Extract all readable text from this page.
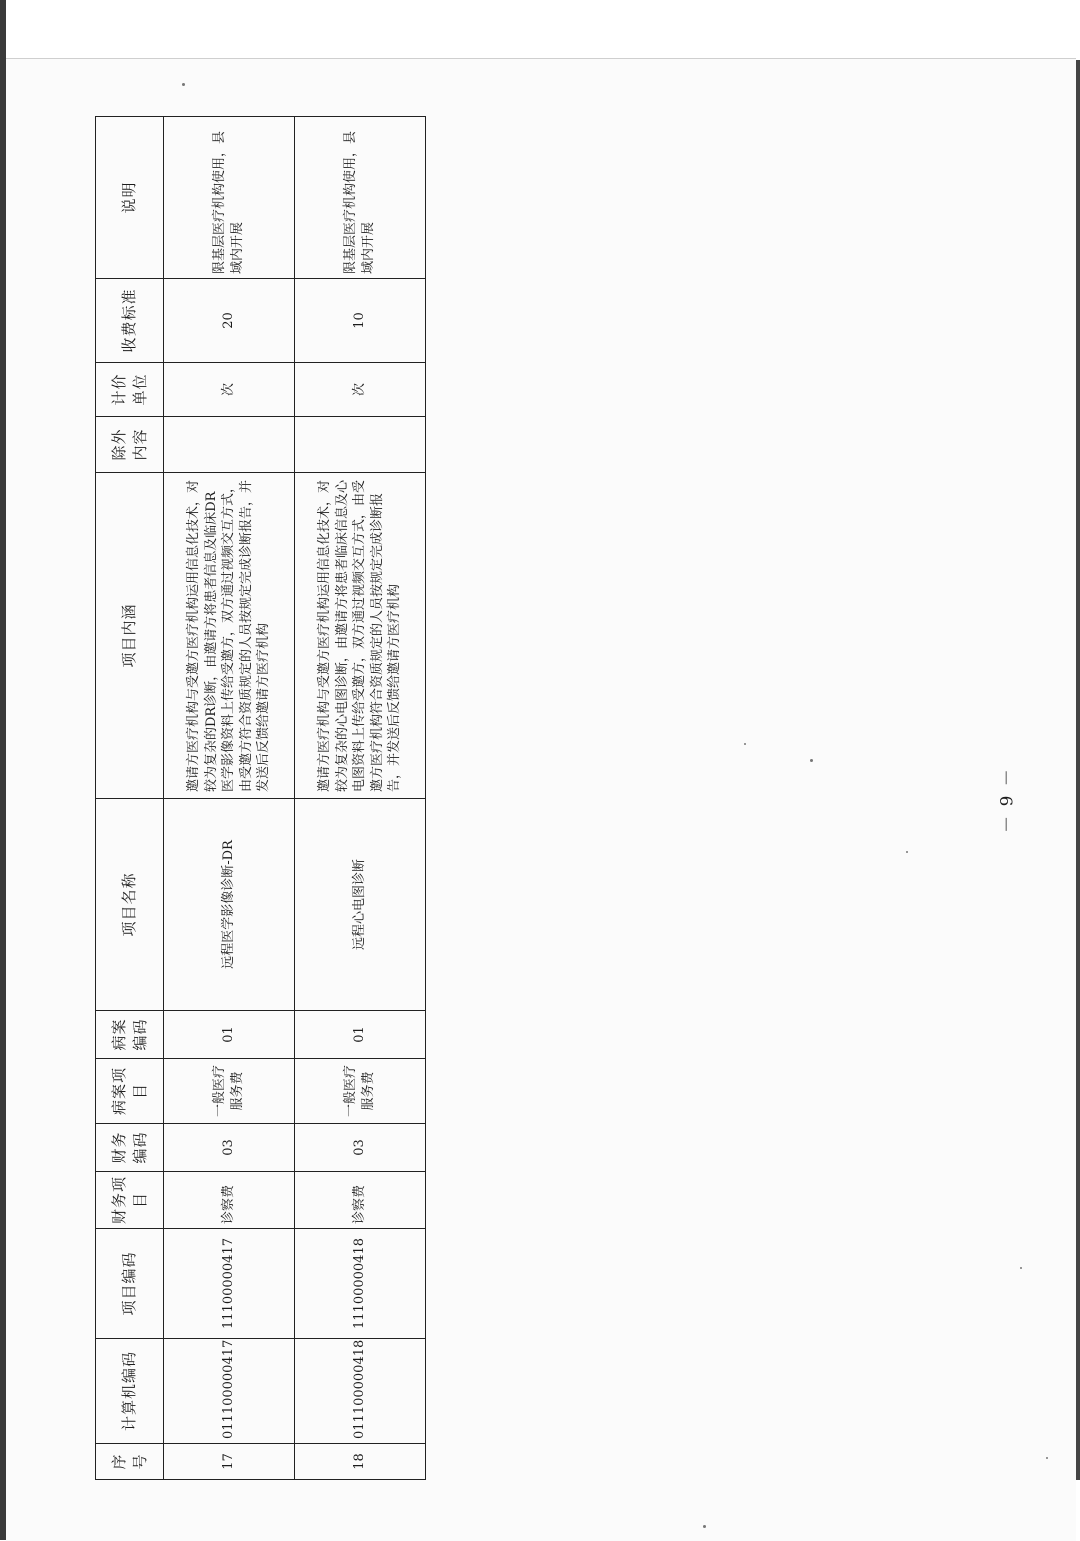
序号	计算机编码	项目编码	财务项目	财务编码	病案项目	病案编码	项目名称	项目内涵	除外内容	计价单位	收费标准	说明
17	011100000417	11100000417	诊察费	03	一般医疗服务费	01	远程医学影像诊断-DR	邀请方医疗机构与受邀方医疗机构运用信息化技术，对较为复杂的DR诊断，由邀请方将患者信息及临床DR医学影像资料上传给受邀方，双方通过视频交互方式，由受邀方符合资质规定的人员按规定完成诊断报告，并发送后反馈给邀请方医疗机构		次	20	限基层医疗机构使用，县域内开展
18	011100000418	11100000418	诊察费	03	一般医疗服务费	01	远程心电图诊断	邀请方医疗机构与受邀方医疗机构运用信息化技术，对较为复杂的心电图诊断，由邀请方将患者临床信息及心电图资料上传给受邀方，双方通过视频交互方式，由受邀方医疗机构符合资质规定的人员按规定完成诊断报告，并发送后反馈给邀请方医疗机构		次	10	限基层医疗机构使用，县域内开展
－ 9 －
